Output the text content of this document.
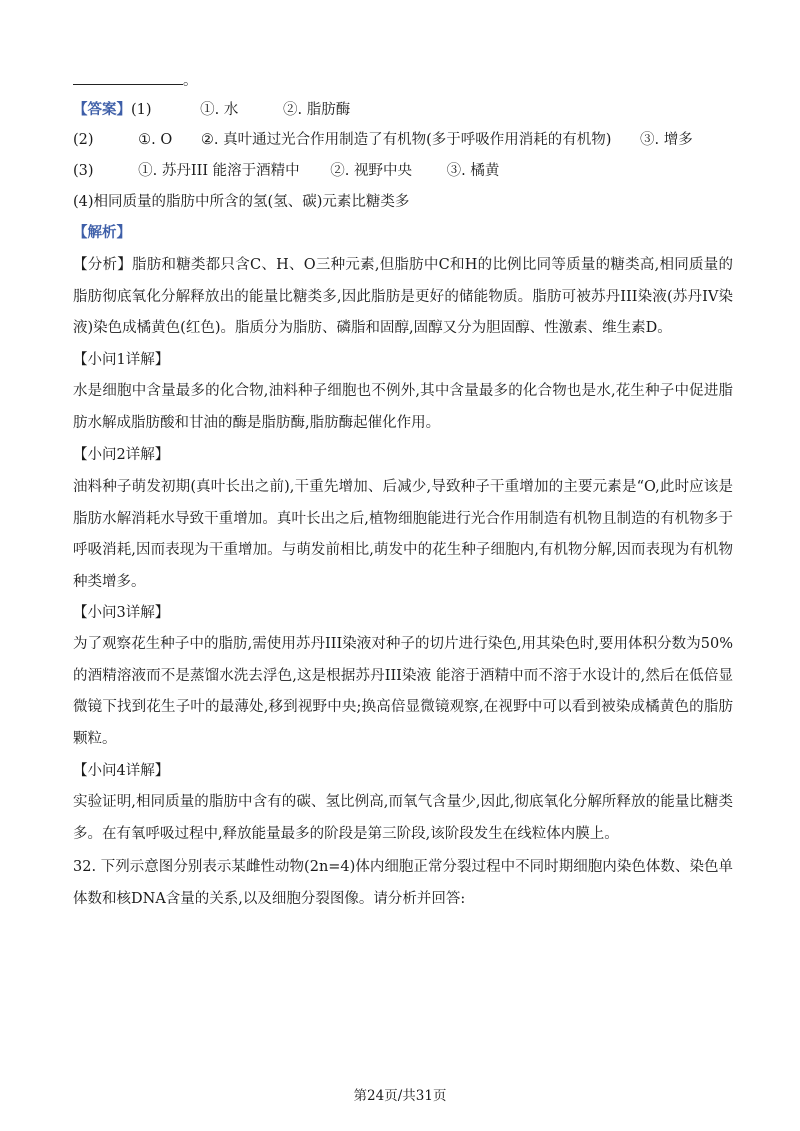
。
【答案】(1)	①. 水	②. 脂肪酶
(2)	①. O ②. 真叶通过光合作用制造了有机物(多于呼吸作用消耗的有机物) ③. 增多
(3)	①. 苏丹III 能溶于酒精中 ②. 视野中央 ③. 橘黄
(4)相同质量的脂肪中所含的氢(氢、碳)元素比糖类多
【解析】
【分析】脂肪和糖类都只含C、H、O三种元素,但脂肪中C和H的比例比同等质量的糖类高,相同质量的脂肪彻底氧化分解释放出的能量比糖类多,因此脂肪是更好的储能物质。脂肪可被苏丹III染液(苏丹IV染液)染色成橘黄色(红色)。脂质分为脂肪、磷脂和固醇,固醇又分为胆固醇、性激素、维生素D。
【小问1详解】
水是细胞中含量最多的化合物,油料种子细胞也不例外,其中含量最多的化合物也是水,花生种子中促进脂肪水解成脂肪酸和甘油的酶是脂肪酶,脂肪酶起催化作用。
【小问2详解】
油料种子萌发初期(真叶长出之前),干重先增加、后减少,导致种子干重增加的主要元素是“O,此时应该是脂肪水解消耗水导致干重增加。真叶长出之后,植物细胞能进行光合作用制造有机物且制造的有机物多于呼吸消耗,因而表现为干重增加。与萌发前相比,萌发中的花生种子细胞内,有机物分解,因而表现为有机物种类增多。
【小问3详解】
为了观察花生种子中的脂肪,需使用苏丹III染液对种子的切片进行染色,用其染色时,要用体积分数为50%的酒精溶液而不是蒸馏水洗去浮色,这是根据苏丹III染液 能溶于酒精中而不溶于水设计的,然后在低倍显微镜下找到花生子叶的最薄处,移到视野中央;换高倍显微镜观察,在视野中可以看到被染成橘黄色的脂肪颗粒。
【小问4详解】
实验证明,相同质量的脂肪中含有的碳、氢比例高,而氧气含量少,因此,彻底氧化分解所释放的能量比糖类多。在有氧呼吸过程中,释放能量最多的阶段是第三阶段,该阶段发生在线粒体内膜上。
32. 下列示意图分别表示某雌性动物(2n=4)体内细胞正常分裂过程中不同时期细胞内染色体数、染色单体数和核DNA含量的关系,以及细胞分裂图像。请分析并回答:
第24页/共31页
